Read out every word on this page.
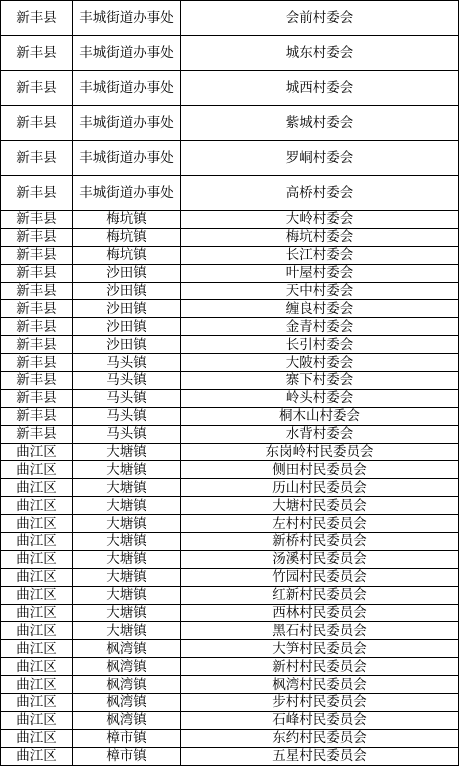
新丰县	丰城街道办事处	会前村委会
新丰县	丰城街道办事处	城东村委会
新丰县	丰城街道办事处	城西村委会
新丰县	丰城街道办事处	紫城村委会
新丰县	丰城街道办事处	罗峒村委会
新丰县	丰城街道办事处	高桥村委会
新丰县	梅坑镇	大岭村委会
新丰县	梅坑镇	梅坑村委会
新丰县	梅坑镇	长江村委会
新丰县	沙田镇	叶屋村委会
新丰县	沙田镇	天中村委会
新丰县	沙田镇	缠良村委会
新丰县	沙田镇	金青村委会
新丰县	沙田镇	长引村委会
新丰县	马头镇	大陂村委会
新丰县	马头镇	寨下村委会
新丰县	马头镇	岭头村委会
新丰县	马头镇	桐木山村委会
新丰县	马头镇	水背村委会
曲江区	大塘镇	东岗岭村民委员会
曲江区	大塘镇	侧田村民委员会
曲江区	大塘镇	历山村民委员会
曲江区	大塘镇	大塘村民委员会
曲江区	大塘镇	左村村民委员会
曲江区	大塘镇	新桥村民委员会
曲江区	大塘镇	汤溪村民委员会
曲江区	大塘镇	竹园村民委员会
曲江区	大塘镇	红新村民委员会
曲江区	大塘镇	西林村民委员会
曲江区	大塘镇	黑石村民委员会
曲江区	枫湾镇	大笋村民委员会
曲江区	枫湾镇	新村村民委员会
曲江区	枫湾镇	枫湾村民委员会
曲江区	枫湾镇	步村村民委员会
曲江区	枫湾镇	石峰村民委员会
曲江区	樟市镇	东约村民委员会
曲江区	樟市镇	五星村民委员会
